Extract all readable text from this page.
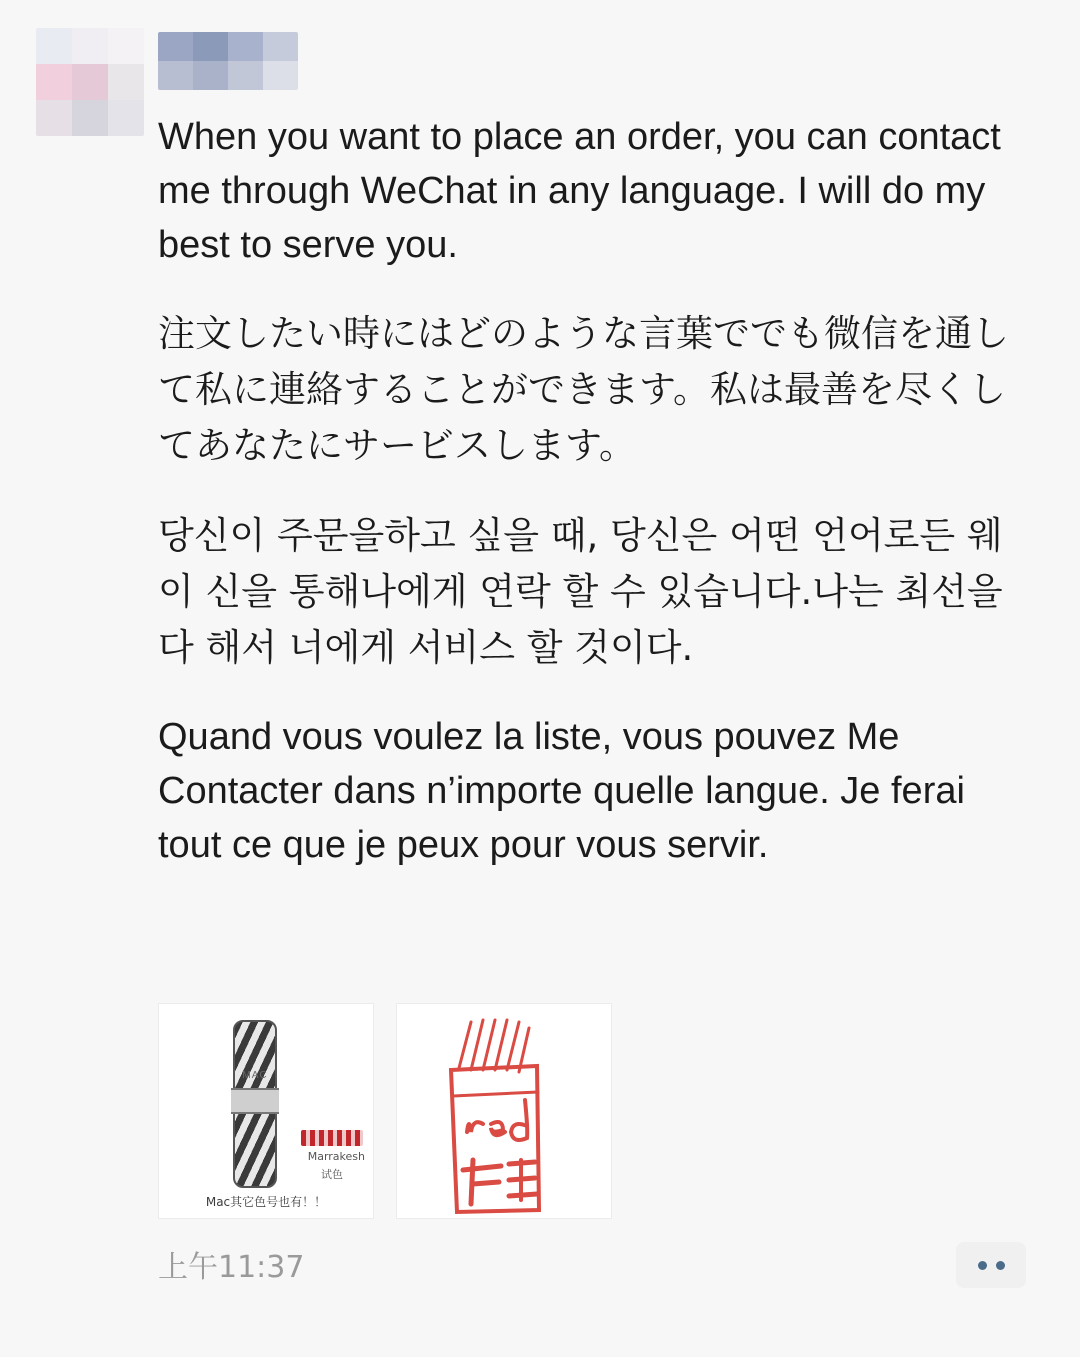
When you want to place an order, you can contact me through WeChat in any language. I will do my best to serve you.

注文したい時にはどのような言葉ででも微信を通して私に連絡することができます。私は最善を尽くしてあなたにサービスします。

당신이 주문을하고 싶을 때, 당신은 어떤 언어로든 웨이 신을 통해나에게 연락 할 수 있습니다.나는 최선을다 해서 너에게 서비스 할 것이다.

Quand vous voulez la liste, vous pouvez Me Contacter dans n’importe quelle langue. Je ferai tout ce que je peux pour vous servir.

MAC
Marrakesh
试色
Mac其它色号也有！！
上午11:37
